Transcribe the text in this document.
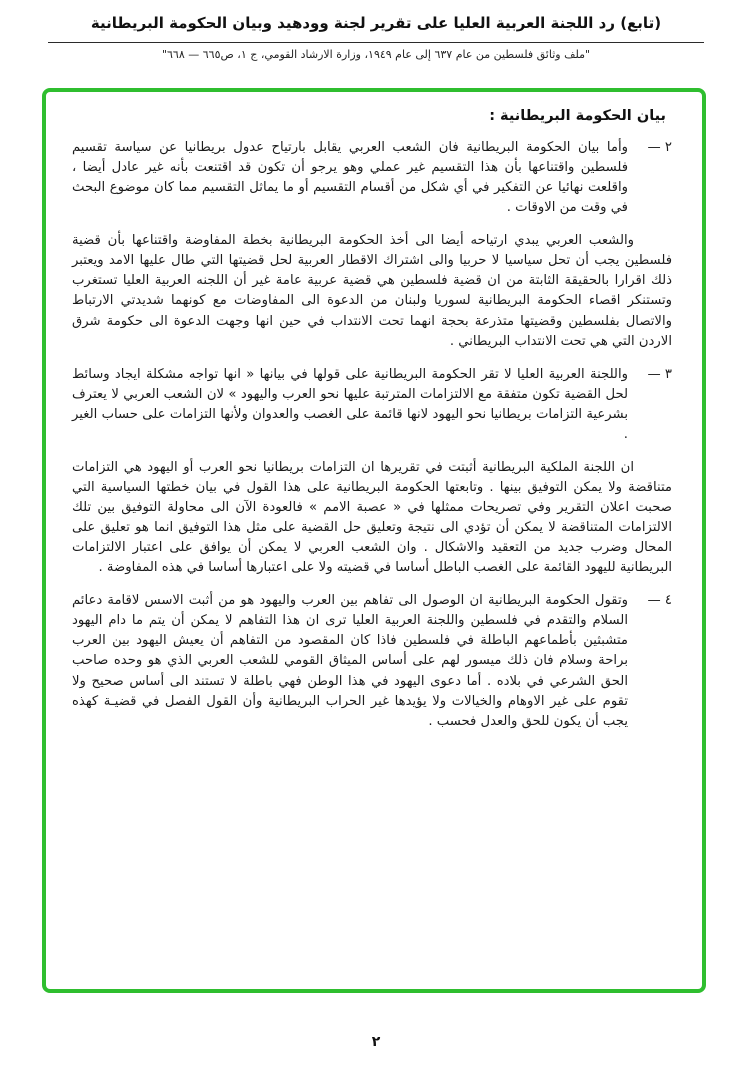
(تابع) رد اللجنة العربية العليا على تقرير لجنة وودهيد وبيان الحكومة البريطانية
"ملف وثائق فلسطين من عام ٦٣٧ إلى عام ١٩٤٩، وزارة الارشاد القومي، ج ١، ص٦٦٥ — ٦٦٨"
بيان الحكومة البريطانية :
٢ —
وأما بيان الحكومة البريطانية فان الشعب العربي يقابل بارتياح عدول بريطانيا عن سياسة تقسيم فلسطين واقتناعها بأن هذا التقسيم غير عملي وهو يرجو أن تكون قد اقتنعت بأنه غير عادل أيضا ، واقلعت نهائيا عن التفكير في أي شكل من أقسام التقسيم أو ما يماثل التقسيم مما كان موضوع البحث في وقت من الاوقات .
والشعب العربي يبدي ارتياحه أيضا الى أخذ الحكومة البريطانية بخطة المفاوضة واقتناعها بأن قضية فلسطين يجب أن تحل سياسيا لا حربيا والى اشتراك الاقطار العربية لحل قضيتها التي طال عليها الامد ويعتبر ذلك اقرارا بالحقيقة الثابتة من ان قضية فلسطين هي قضية عربية عامة غير أن اللجنه العربية العليا تستغرب وتستنكر اقصاء الحكومة البريطانية لسوريا ولبنان من الدعوة الى المفاوضات مع كونهما شديدتي الارتباط والاتصال بفلسطين وقضيتها متذرعة بحجة انهما تحت الانتداب في حين انها وجهت الدعوة الى حكومة شرق الاردن التي هي تحت الانتداب البريطاني .
٣ —
واللجنة العربية العليا لا تقر الحكومة البريطانية على قولها في بيانها « انها تواجه مشكلة ايجاد وسائط لحل القضية تكون متفقة مع الالتزامات المترتبة عليها نحو العرب واليهود » لان الشعب العربي لا يعترف بشرعية التزامات بريطانيا نحو اليهود لانها قائمة على الغصب والعدوان ولأنها التزامات على حساب الغير .
ان اللجنة الملكية البريطانية أثبتت في تقريرها ان التزامات بريطانيا نحو العرب أو اليهود هي التزامات متناقضة ولا يمكن التوفيق بينها . وتابعتها الحكومة البريطانية على هذا القول في بيان خطتها السياسية التي صحبت اعلان التقرير وفي تصريحات ممثلها في « عصبة الامم » فالعودة الآن الى محاولة التوفيق بين تلك الالتزامات المتناقضة لا يمكن أن تؤدي الى نتيجة وتعليق حل القضية على مثل هذا التوفيق انما هو تعليق على المحال وضرب جديد من التعقيد والاشكال . وان الشعب العربي لا يمكن أن يوافق على اعتبار الالتزامات البريطانية لليهود القائمة على الغصب الباطل أساسا في قضيته ولا على اعتبارها أساسا في هذه المفاوضة .
٤ —
وتقول الحكومة البريطانية ان الوصول الى تفاهم بين العرب واليهود هو من أثبت الاسس لاقامة دعائم السلام والتقدم في فلسطين واللجنة العربية العليا ترى ان هذا التفاهم لا يمكن أن يتم ما دام اليهود متشبثين بأطماعهم الباطلة في فلسطين فاذا كان المقصود من التفاهم أن يعيش اليهود بين العرب براحة وسلام فان ذلك ميسور لهم على أساس الميثاق القومي للشعب العربي الذي هو وحده صاحب الحق الشرعي في بلاده . أما دعوى اليهود في هذا الوطن فهي باطلة لا تستند الى أساس صحيح ولا تقوم على غير الاوهام والخيالات ولا يؤيدها غير الحراب البريطانية وأن القول الفصل في قضيـة كهذه يجب أن يكون للحق والعدل فحسب .
٢
